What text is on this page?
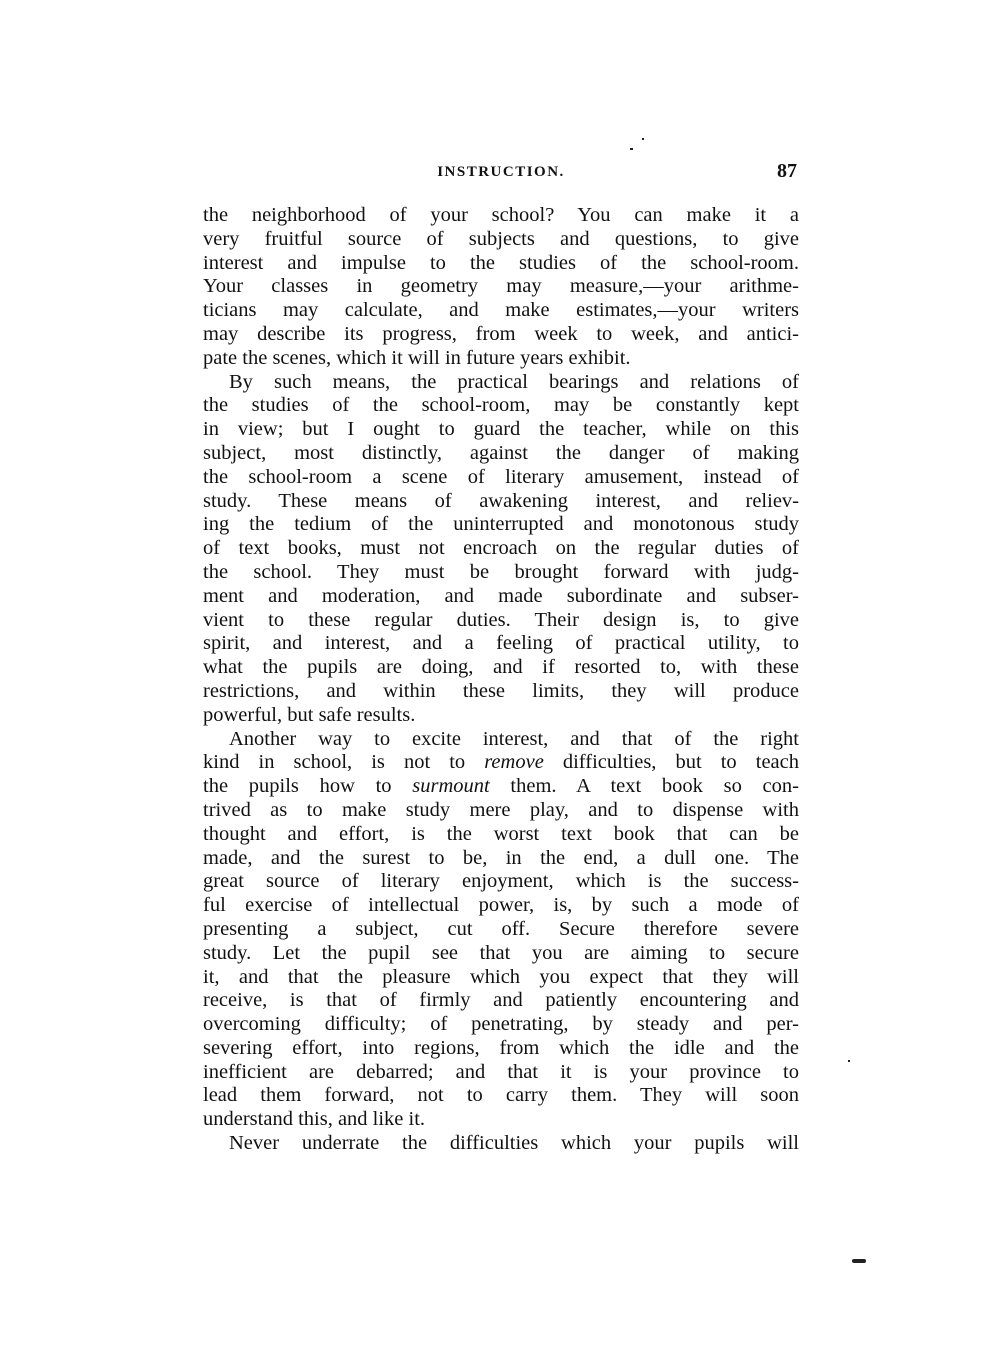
INSTRUCTION.	87
the neighborhood of your school? You can make it a
very fruitful source of subjects and questions, to give
interest and impulse to the studies of the school-room.
Your classes in geometry may measure,—your arithme-
ticians may calculate, and make estimates,—your writers
may describe its progress, from week to week, and antici-
pate the scenes, which it will in future years exhibit.
By such means, the practical bearings and relations of
the studies of the school-room, may be constantly kept
in view; but I ought to guard the teacher, while on this
subject, most distinctly, against the danger of making
the school-room a scene of literary amusement, instead of
study. These means of awakening interest, and reliev-
ing the tedium of the uninterrupted and monotonous study
of text books, must not encroach on the regular duties of
the school. They must be brought forward with judg-
ment and moderation, and made subordinate and subser-
vient to these regular duties. Their design is, to give
spirit, and interest, and a feeling of practical utility, to
what the pupils are doing, and if resorted to, with these
restrictions, and within these limits, they will produce
powerful, but safe results.
Another way to excite interest, and that of the right
kind in school, is not to remove difficulties, but to teach
the pupils how to surmount them. A text book so con-
trived as to make study mere play, and to dispense with
thought and effort, is the worst text book that can be
made, and the surest to be, in the end, a dull one. The
great source of literary enjoyment, which is the success-
ful exercise of intellectual power, is, by such a mode of
presenting a subject, cut off. Secure therefore severe
study. Let the pupil see that you are aiming to secure
it, and that the pleasure which you expect that they will
receive, is that of firmly and patiently encountering and
overcoming difficulty; of penetrating, by steady and per-
severing effort, into regions, from which the idle and the
inefficient are debarred; and that it is your province to
lead them forward, not to carry them. They will soon
understand this, and like it.
Never underrate the difficulties which your pupils will
